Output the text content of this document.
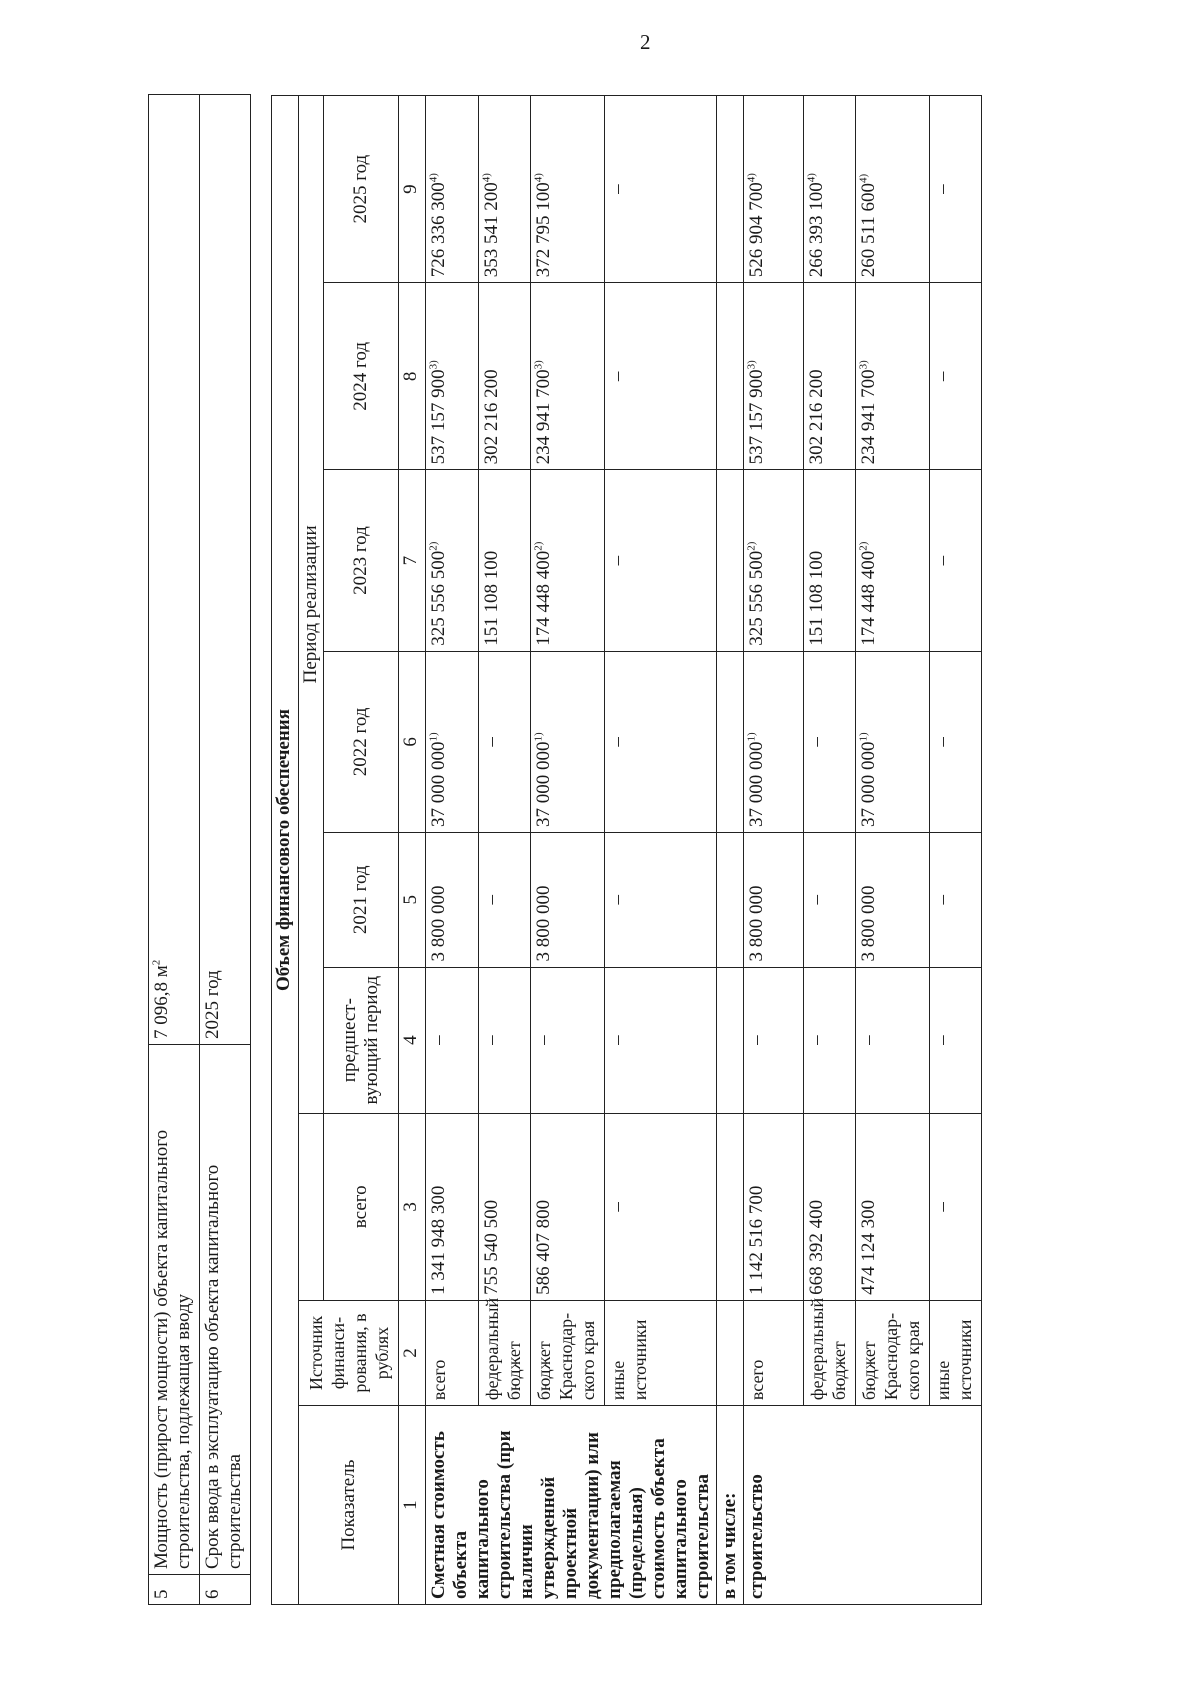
2
5	Мощность (прирост мощности) объекта капитального строительства, подлежащая вводу	7 096,8 $м^2$
6	Срок ввода в эксплуатацию объекта капитального строительства	2025 год
Объем финансового обеспечения								
Показатель	Источник финанси-рования, в рублях		Период реализации					
		всего	предшест-вующий период	2021 год	2022 год	2023 год	2024 год	2025 год
1	2	3	4	5	6	7	8	9
Сметная стоимость объекта капитального строительства (при наличии утвержденной проектной документации) или предполагаемая (предельная) стоимость объекта капитального строительства	всего	1 341 948 300	–	3 800 000	37 000 000$^{1)}$	325 556 500$^{2)}$	537 157 900$^{3)}$	726 336 300$^{4)}$
	федеральный бюджет	755 540 500	–	–	–	151 108 100	302 216 200	353 541 200$^{4)}$
	бюджет Краснодар-ского края	586 407 800	–	3 800 000	37 000 000$^{1)}$	174 448 400$^{2)}$	234 941 700$^{3)}$	372 795 100$^{4)}$
	иные источники	–	–	–	–	–	–	–
в том числе:								
строительство	всего	1 142 516 700	–	3 800 000	37 000 000$^{1)}$	325 556 500$^{2)}$	537 157 900$^{3)}$	526 904 700$^{4)}$
	федеральный бюджет	668 392 400	–	–	–	151 108 100	302 216 200	266 393 100$^{4)}$
	бюджет Краснодар-ского края	474 124 300	–	3 800 000	37 000 000$^{1)}$	174 448 400$^{2)}$	234 941 700$^{3)}$	260 511 600$^{4)}$
	иные источники	–	–	–	–	–	–	–
